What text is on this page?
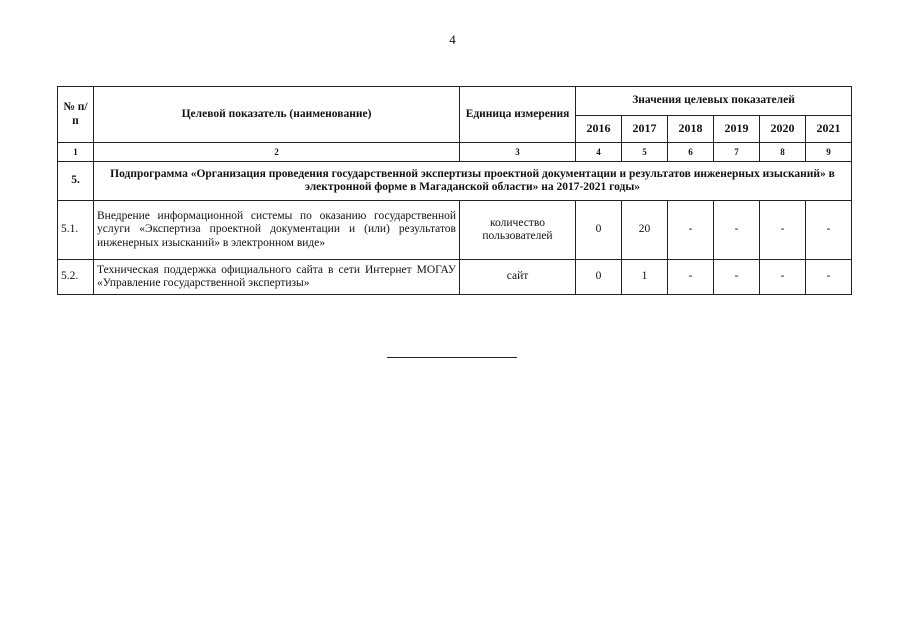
4
№ п/п	Целевой показатель (наименование)	Единица измерения	Значения целевых показателей					
			2016	2017	2018	2019	2020	2021
1	2	3	4	5	6	7	8	9
5.	Подпрограмма «Организация проведения государственной экспертизы проектной документации и результатов инженерных изысканий» в электронной форме в Магаданской области» на 2017-2021 годы»							
5.1.	Внедрение информационной системы по оказанию государственной услуги «Экспертиза проектной документации и (или) результатов инженерных изысканий» в электронном виде»	количество пользователей	0	20	-	-	-	-
5.2.	Техническая поддержка официального сайта в сети Интернет МОГАУ «Управление государственной экспертизы»	сайт	0	1	-	-	-	-
